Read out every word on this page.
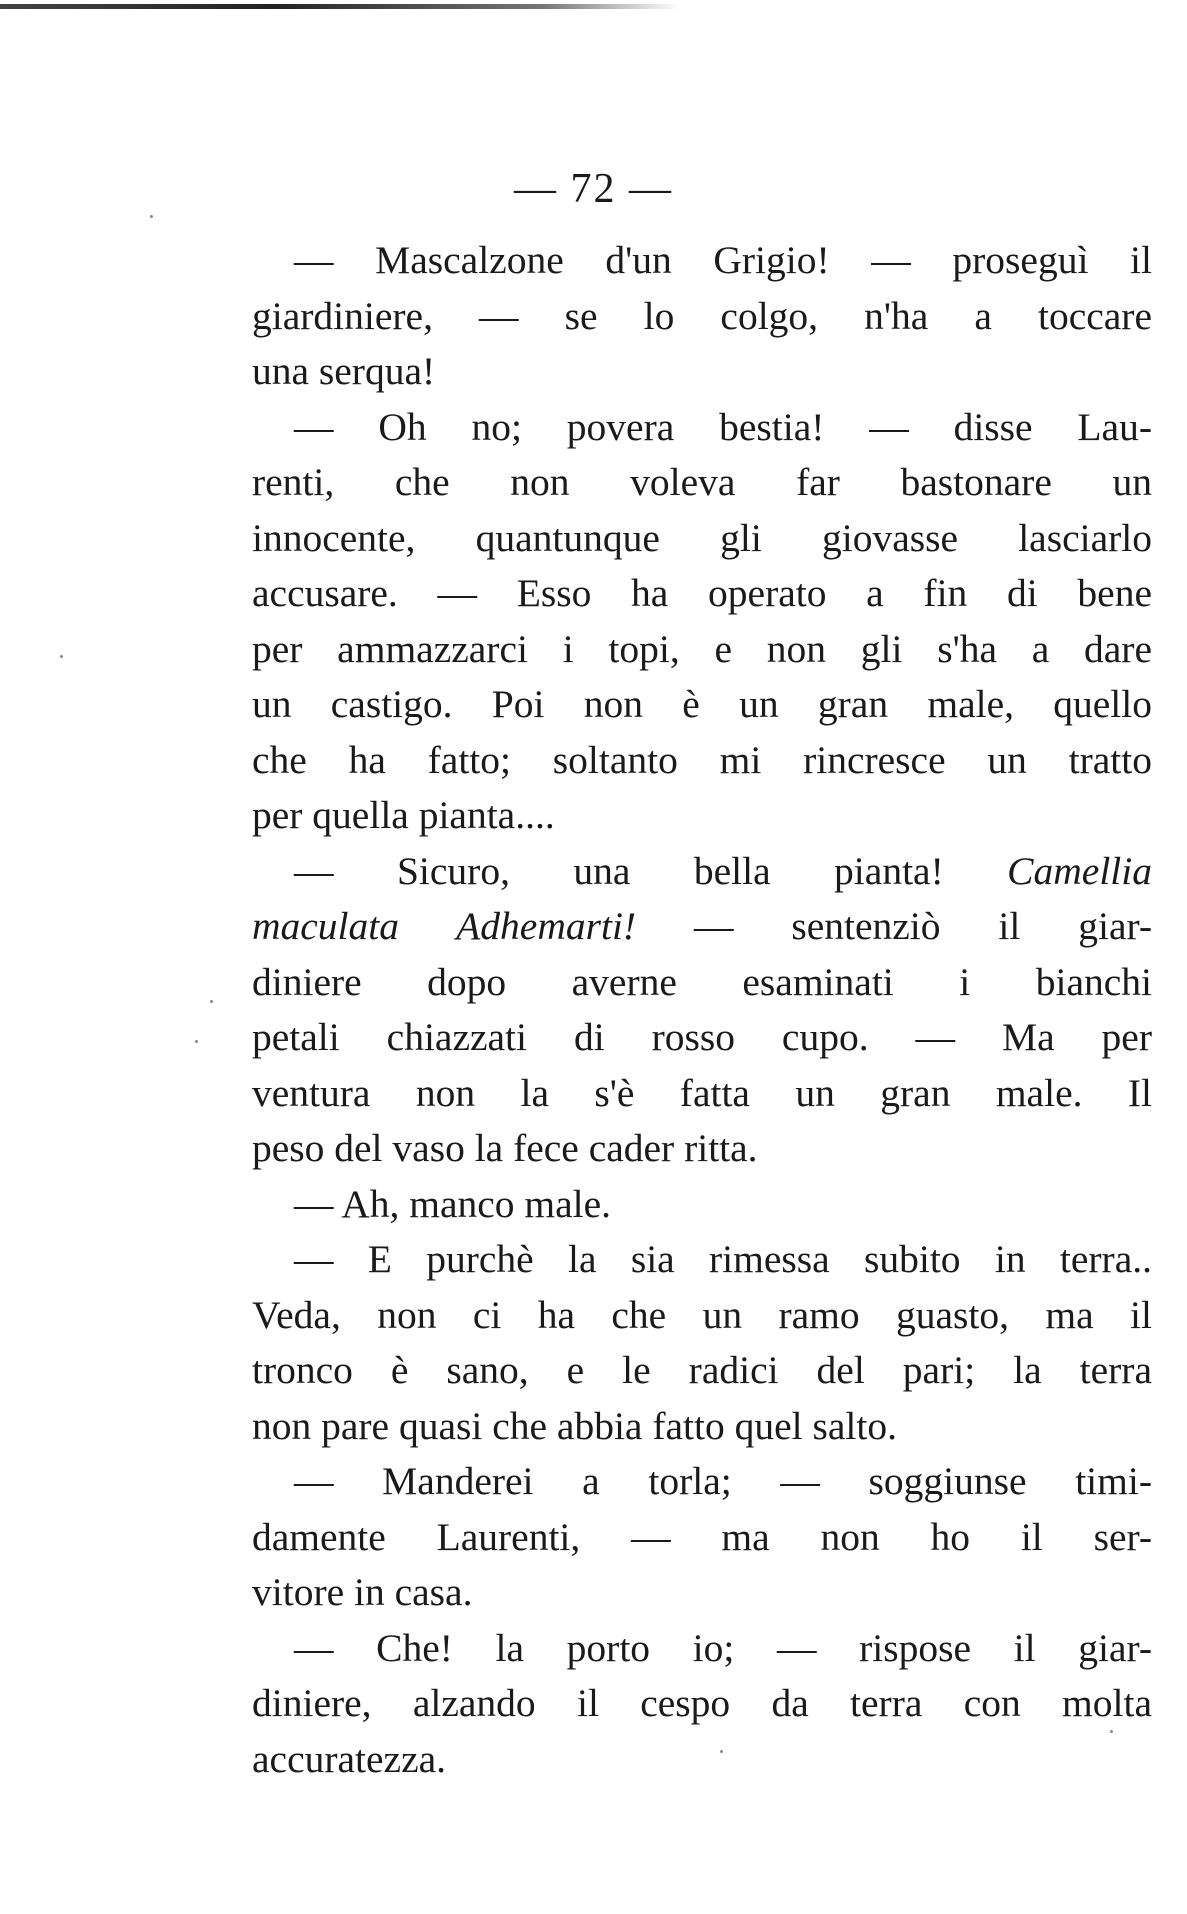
— 72 —
— Mascalzone d'un Grigio! — proseguì il
giardiniere, — se lo colgo, n'ha a toccare
una serqua!
— Oh no; povera bestia! — disse Lau-
renti, che non voleva far bastonare un
innocente, quantunque gli giovasse lasciarlo
accusare. — Esso ha operato a fin di bene
per ammazzarci i topi, e non gli s'ha a dare
un castigo. Poi non è un gran male, quello
che ha fatto; soltanto mi rincresce un tratto
per quella pianta....
— Sicuro, una bella pianta! Camellia
maculata Adhemarti! — sentenziò il giar-
diniere dopo averne esaminati i bianchi
petali chiazzati di rosso cupo. — Ma per
ventura non la s'è fatta un gran male. Il
peso del vaso la fece cader ritta.
— Ah, manco male.
— E purchè la sia rimessa subito in terra..
Veda, non ci ha che un ramo guasto, ma il
tronco è sano, e le radici del pari; la terra
non pare quasi che abbia fatto quel salto.
— Manderei a torla; — soggiunse timi-
damente Laurenti, — ma non ho il ser-
vitore in casa.
— Che! la porto io; — rispose il giar-
diniere, alzando il cespo da terra con molta
accuratezza.
